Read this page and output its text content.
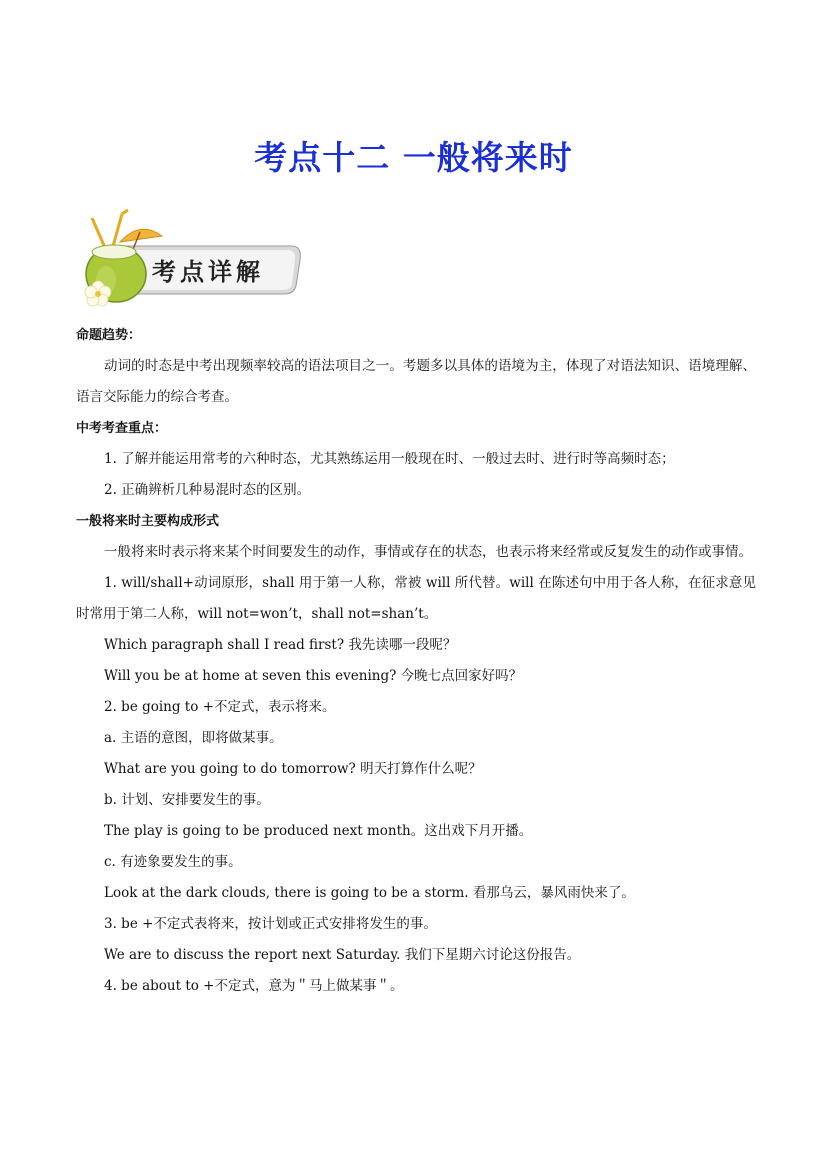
考点十二 一般将来时
考点详解

命题趋势：

动词的时态是中考出现频率较高的语法项目之一。考题多以具体的语境为主，体现了对语法知识、语境理解、语言交际能力的综合考查。

中考考查重点：

1. 了解并能运用常考的六种时态，尤其熟练运用一般现在时、一般过去时、进行时等高频时态；

2. 正确辨析几种易混时态的区别。

一般将来时主要构成形式

一般将来时表示将来某个时间要发生的动作，事情或存在的状态，也表示将来经常或反复发生的动作或事情。

1. will/shall+动词原形，shall 用于第一人称，常被 will 所代替。will 在陈述句中用于各人称，在征求意见时常用于第二人称，will not=won’t，shall not=shan’t。

Which paragraph shall I read first? 我先读哪一段呢？

Will you be at home at seven this evening? 今晚七点回家好吗？

2. be going to +不定式，表示将来。

a. 主语的意图，即将做某事。

What are you going to do tomorrow? 明天打算作什么呢？

b. 计划、安排要发生的事。

The play is going to be produced next month。这出戏下月开播。

c. 有迹象要发生的事。

Look at the dark clouds, there is going to be a storm. 看那乌云，暴风雨快来了。

3. be +不定式表将来，按计划或正式安排将发生的事。

We are to discuss the report next Saturday. 我们下星期六讨论这份报告。

4. be about to +不定式，意为＂马上做某事＂。
